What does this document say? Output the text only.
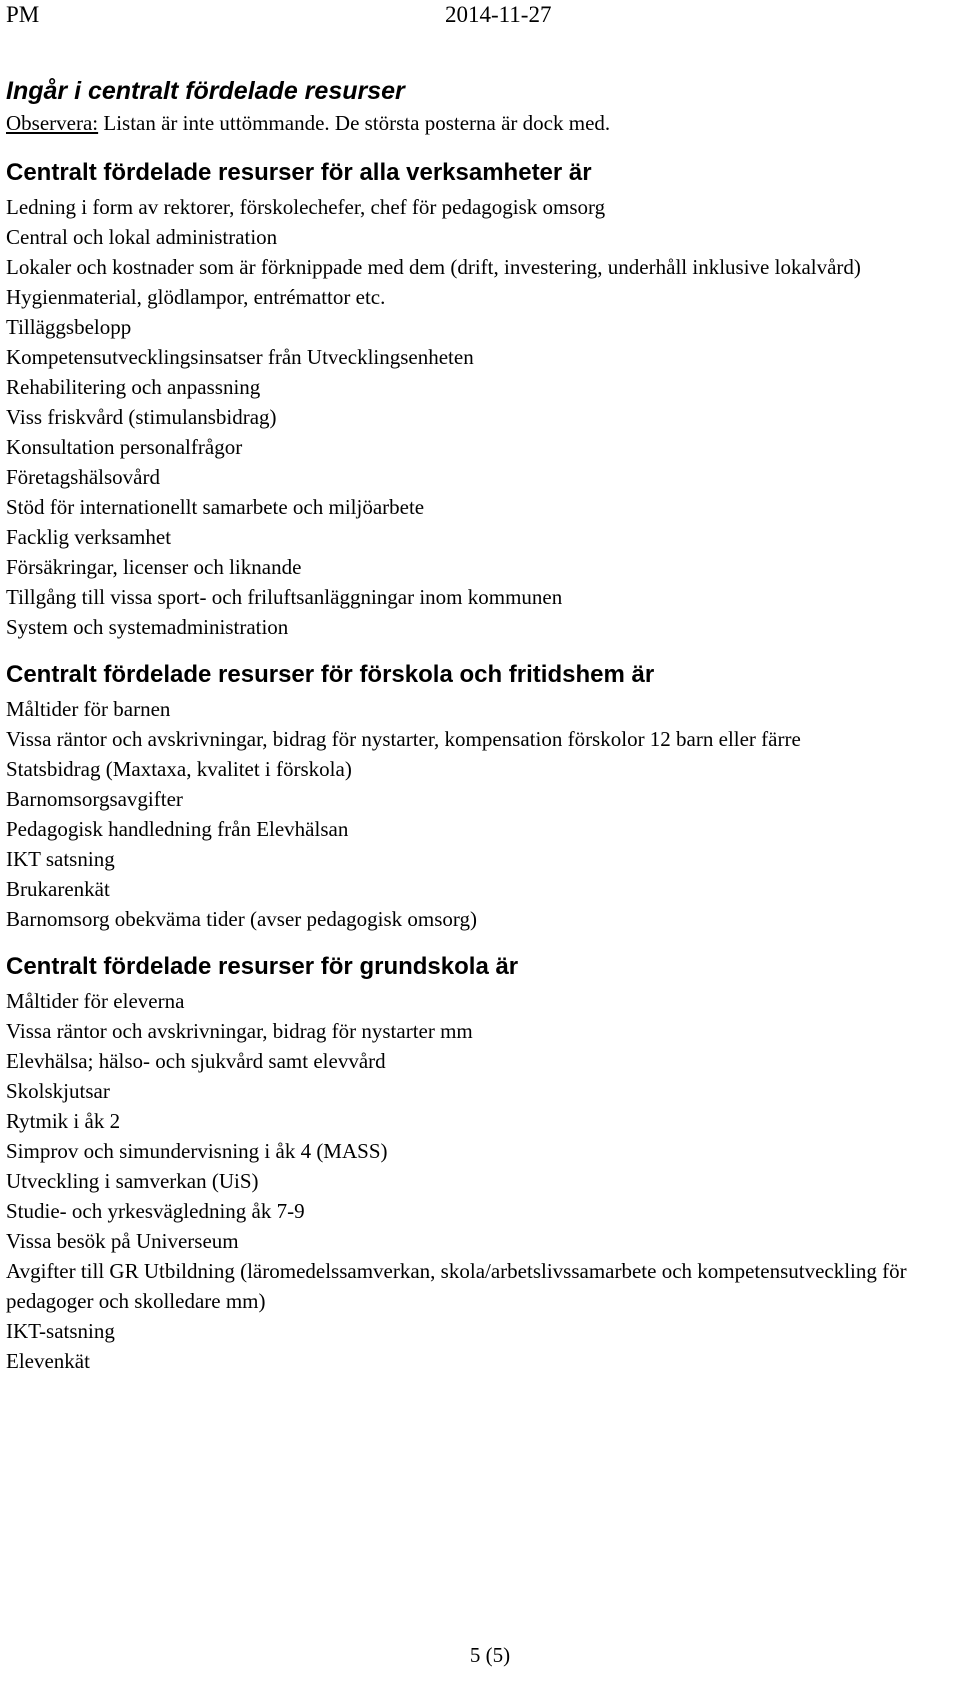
PM	2014-11-27
Ingår i centralt fördelade resurser

Observera: Listan är inte uttömmande. De största posterna är dock med.

Centralt fördelade resurser för alla verksamheter är
Ledning i form av rektorer, förskolechefer, chef för pedagogisk omsorg
Central och lokal administration
Lokaler och kostnader som är förknippade med dem (drift, investering, underhåll inklusive lokalvård)
Hygienmaterial, glödlampor, entrémattor etc.
Tilläggsbelopp
Kompetensutvecklingsinsatser från Utvecklingsenheten
Rehabilitering och anpassning
Viss friskvård (stimulansbidrag)
Konsultation personalfrågor
Företagshälsovård
Stöd för internationellt samarbete och miljöarbete
Facklig verksamhet
Försäkringar, licenser och liknande
Tillgång till vissa sport- och friluftsanläggningar inom kommunen
System och systemadministration
Centralt fördelade resurser för förskola och fritidshem är
Måltider för barnen
Vissa räntor och avskrivningar, bidrag för nystarter, kompensation förskolor 12 barn eller färre
Statsbidrag (Maxtaxa, kvalitet i förskola)
Barnomsorgsavgifter
Pedagogisk handledning från Elevhälsan
IKT satsning
Brukarenkät
Barnomsorg obekväma tider (avser pedagogisk omsorg)
Centralt fördelade resurser för grundskola är
Måltider för eleverna
Vissa räntor och avskrivningar, bidrag för nystarter mm
Elevhälsa; hälso- och sjukvård samt elevvård
Skolskjutsar
Rytmik i åk 2
Simprov och simundervisning i åk 4 (MASS)
Utveckling i samverkan (UiS)
Studie- och yrkesvägledning åk 7-9
Vissa besök på Universeum
Avgifter till GR Utbildning (läromedelssamverkan, skola/arbetslivssamarbete och kompetensutveckling för pedagoger och skolledare mm)
IKT-satsning
Elevenkät
5 (5)
